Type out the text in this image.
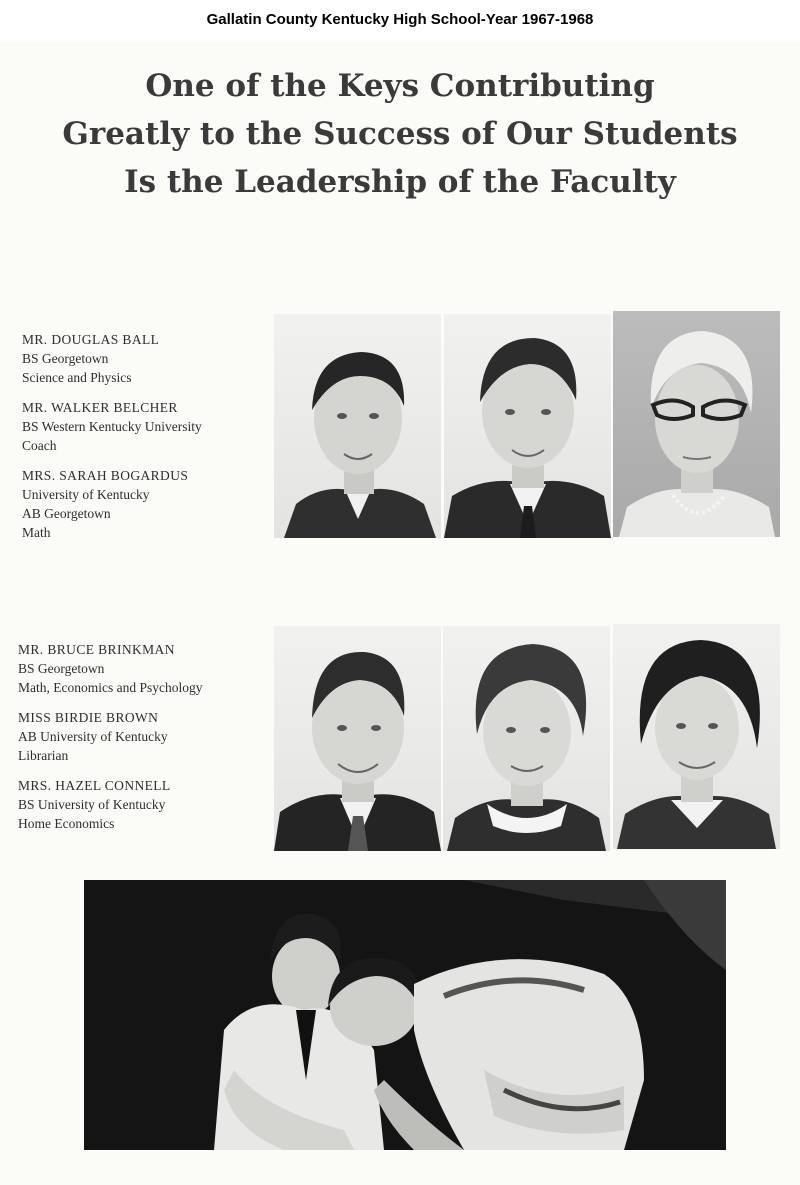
Gallatin County Kentucky High School-Year 1967-1968
One of the Keys Contributing
Greatly to the Success of Our Students
Is the Leadership of the Faculty
MR. DOUGLAS BALL
BS Georgetown
Science and Physics
MR. WALKER BELCHER
BS Western Kentucky University
Coach
MRS. SARAH BOGARDUS
University of Kentucky
AB Georgetown
Math
MR. BRUCE BRINKMAN
BS Georgetown
Math, Economics and Psychology
MISS BIRDIE BROWN
AB University of Kentucky
Librarian
MRS. HAZEL CONNELL
BS University of Kentucky
Home Economics
